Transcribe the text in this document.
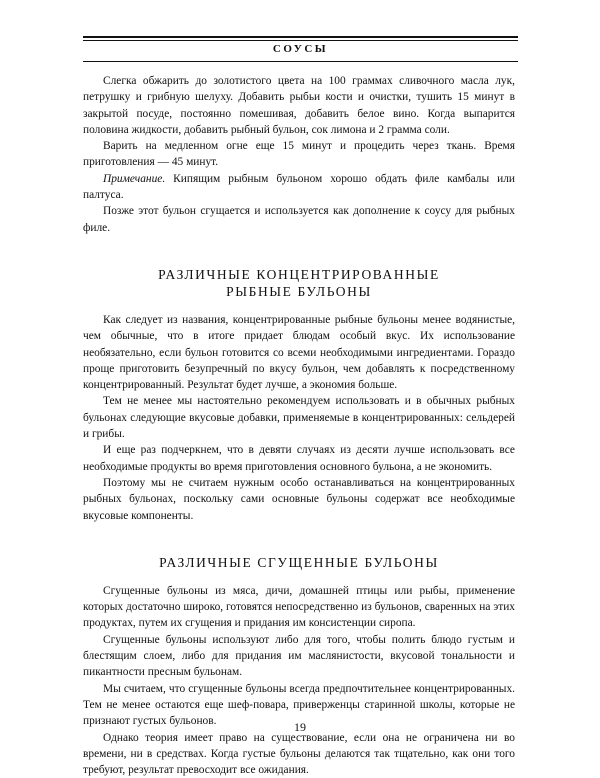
СОУСЫ

Слегка обжарить до золотистого цвета на 100 граммах сливочного масла лук, петрушку и грибную шелуху. Добавить рыбьи кости и очистки, тушить 15 минут в закрытой посуде, постоянно помешивая, добавить белое вино. Когда выпарится половина жидкости, добавить рыбный бульон, сок лимона и 2 грамма соли.

Варить на медленном огне еще 15 минут и процедить через ткань. Время приготовления — 45 минут.

Примечание. Кипящим рыбным бульоном хорошо обдать филе камбалы или палтуса.

Позже этот бульон сгущается и используется как дополнение к соусу для рыбных филе.

РАЗЛИЧНЫЕ КОНЦЕНТРИРОВАННЫЕ
РЫБНЫЕ БУЛЬОНЫ

Как следует из названия, концентрированные рыбные бульоны менее водянистые, чем обычные, что в итоге придает блюдам особый вкус. Их использование необязательно, если бульон готовится со всеми необходимыми ингредиентами. Гораздо проще приготовить безупречный по вкусу бульон, чем добавлять к посредственному концентрированный. Результат будет лучше, а экономия больше.

Тем не менее мы настоятельно рекомендуем использовать и в обычных рыбных бульонах следующие вкусовые добавки, применяемые в концентрированных: сельдерей и грибы.

И еще раз подчеркнем, что в девяти случаях из десяти лучше использовать все необходимые продукты во время приготовления основного бульона, а не экономить.

Поэтому мы не считаем нужным особо останавливаться на концентрированных рыбных бульонах, поскольку сами основные бульоны содержат все необходимые вкусовые компоненты.

РАЗЛИЧНЫЕ СГУЩЕННЫЕ БУЛЬОНЫ

Сгущенные бульоны из мяса, дичи, домашней птицы или рыбы, применение которых достаточно широко, готовятся непосредственно из бульонов, сваренных на этих продуктах, путем их сгущения и придания им консистенции сиропа.

Сгущенные бульоны используют либо для того, чтобы полить блюдо густым и блестящим слоем, либо для придания им маслянистости, вкусовой тональности и пикантности пресным бульонам.

Мы считаем, что сгущенные бульоны всегда предпочтительнее концентрированных. Тем не менее остаются еще шеф-повара, приверженцы старинной школы, которые не признают густых бульонов.

Однако теория имеет право на существование, если она не ограничена ни во времени, ни в средствах. Когда густые бульоны делаются так тщательно, как они того требуют, результат превосходит все ожидания.

19
